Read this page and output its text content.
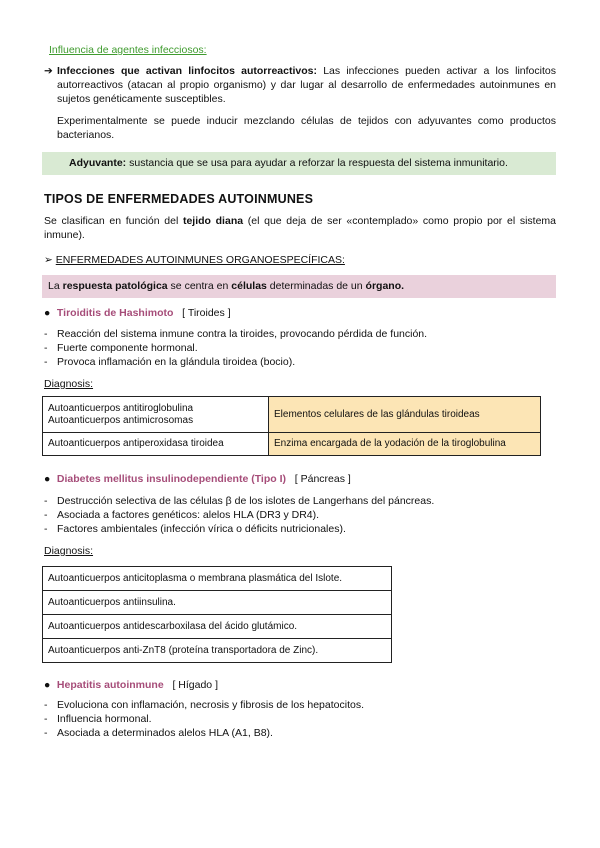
Influencia de agentes infecciosos:
➔ Infecciones que activan linfocitos autorreactivos: Las infecciones pueden activar a los linfocitos autorreactivos (atacan al propio organismo) y dar lugar al desarrollo de enfermedades autoinmunes en sujetos genéticamente susceptibles.
Experimentalmente se puede inducir mezclando células de tejidos con adyuvantes como productos bacterianos.
Adyuvante: sustancia que se usa para ayudar a reforzar la respuesta del sistema inmunitario.
TIPOS DE ENFERMEDADES AUTOINMUNES
Se clasifican en función del tejido diana (el que deja de ser «contemplado» como propio por el sistema inmune).
➢ ENFERMEDADES AUTOINMUNES ORGANOESPECÍFICAS:
La respuesta patológica se centra en células determinadas de un órgano.
● Tiroiditis de Hashimoto [ Tiroides ]
- Reacción del sistema inmune contra la tiroides, provocando pérdida de función.
- Fuerte componente hormonal.
- Provoca inflamación en la glándula tiroidea (bocio).
Diagnosis:
Autoanticuerpos antitiroglobulina
Autoanticuerpos antimicrosomas	Elementos celulares de las glándulas tiroideas
Autoanticuerpos antiperoxidasa tiroidea	Enzima encargada de la yodación de la tiroglobulina
● Diabetes mellitus insulinodependiente (Tipo I) [ Páncreas ]
- Destrucción selectiva de las células β de los islotes de Langerhans del páncreas.
- Asociada a factores genéticos: alelos HLA (DR3 y DR4).
- Factores ambientales (infección vírica o déficits nutricionales).
Diagnosis:
Autoanticuerpos anticitoplasma o membrana plasmática del Islote.
Autoanticuerpos antiinsulina.
Autoanticuerpos antidescarboxilasa del ácido glutámico.
Autoanticuerpos anti-ZnT8 (proteína transportadora de Zinc).
● Hepatitis autoinmune [ Hígado ]
- Evoluciona con inflamación, necrosis y fibrosis de los hepatocitos.
- Influencia hormonal.
- Asociada a determinados alelos HLA (A1, B8).
